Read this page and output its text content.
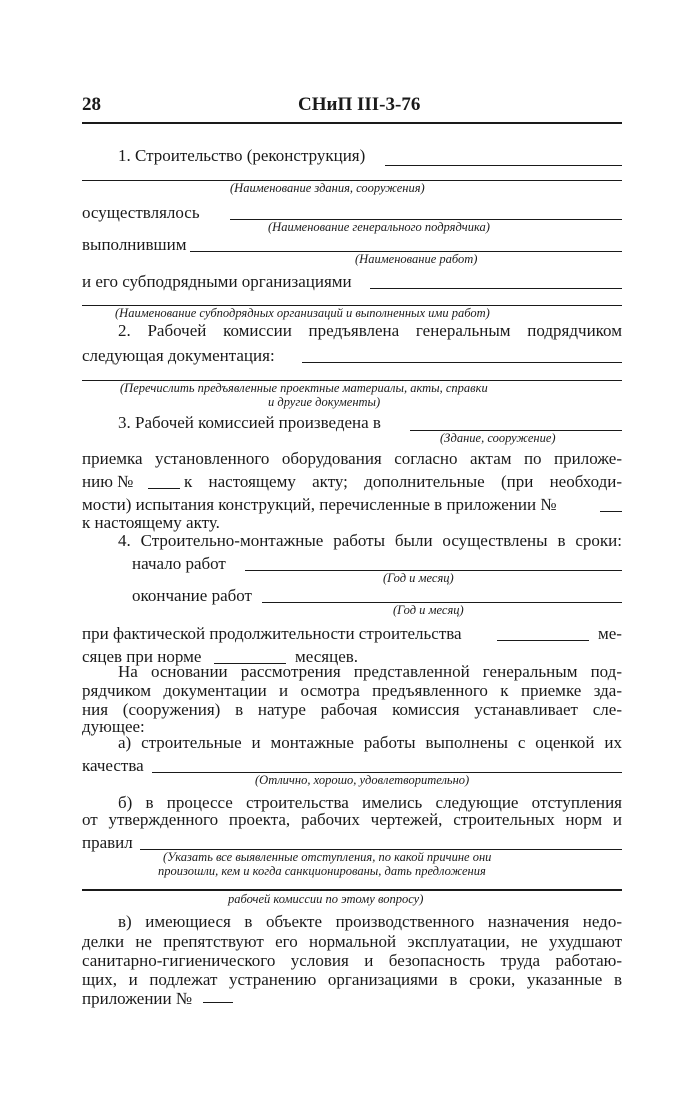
28	СНиП III-3-76
1. Строительство (реконструкция)
(Наименование здания, сооружения)
осуществлялось
(Наименование генерального подрядчика)
выполнившим
(Наименование работ)
и его субподрядными организациями
(Наименование субподрядных организаций и выполненных ими работ)
2. Рабочей комиссии предъявлена генеральным подрядчиком
следующая документация:
(Перечислить предъявленные проектные материалы, акты, справки
и другие документы)
3. Рабочей комиссией произведена в
(Здание, сооружение)
приемка установленного оборудования согласно актам по приложе-
нию №	к настоящему акту; дополнительные (при необходи-
мости) испытания конструкций, перечисленные в приложении №
к настоящему акту.
4. Строительно-монтажные работы были осуществлены в сроки:
начало работ
(Год и месяц)
окончание работ
(Год и месяц)
при фактической продолжительности строительства	ме-
сяцев при норме	месяцев.
На основании рассмотрения представленной генеральным под-
рядчиком документации и осмотра предъявленного к приемке зда-
ния (сооружения) в натуре рабочая комиссия устанавливает сле-
дующее:
а) строительные и монтажные работы выполнены с оценкой их
качества
(Отлично, хорошо, удовлетворительно)
б) в процессе строительства имелись следующие отступления
от утвержденного проекта, рабочих чертежей, строительных норм и
правил
(Указать все выявленные отступления, по какой причине они
произошли, кем и когда санкционированы, дать предложения
рабочей комиссии по этому вопросу)
в) имеющиеся в объекте производственного назначения недо-
делки не препятствуют его нормальной эксплуатации, не ухудшают
санитарно-гигиенического условия и безопасность труда работаю-
щих, и подлежат устранению организациями в сроки, указанные в
приложении №
